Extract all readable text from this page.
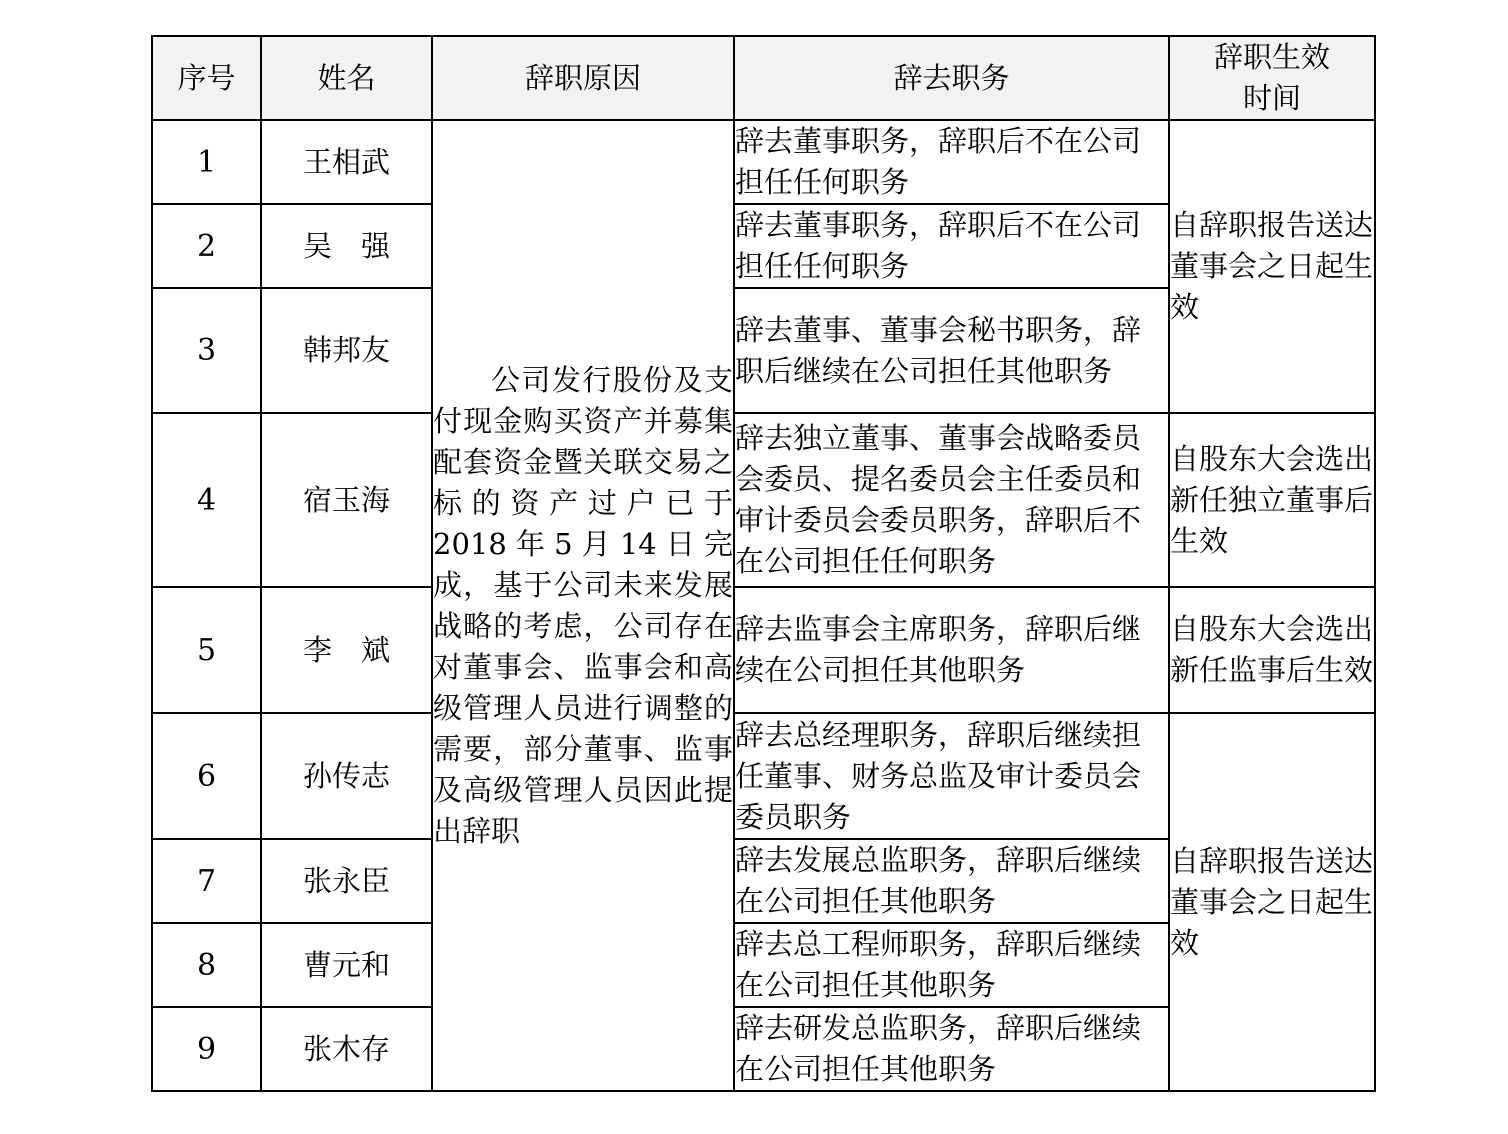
序号	姓名	辞职原因	辞去职务	辞职生效时间
1	王相武	公司发行股份及支付现金购买资产并募集配套资金暨关联交易之标的资产过户已于2018年5月14日完成，基于公司未来发展战略的考虑，公司存在对董事会、监事会和高级管理人员进行调整的需要，部分董事、监事及高级管理人员因此提出辞职	辞去董事职务，辞职后不在公司担任任何职务	自辞职报告送达董事会之日起生效
2	吴　强		辞去董事职务，辞职后不在公司担任任何职务	
3	韩邦友		辞去董事、董事会秘书职务，辞职后继续在公司担任其他职务	
4	宿玉海		辞去独立董事、董事会战略委员会委员、提名委员会主任委员和审计委员会委员职务，辞职后不在公司担任任何职务	自股东大会选出新任独立董事后生效
5	李　斌		辞去监事会主席职务，辞职后继续在公司担任其他职务	自股东大会选出新任监事后生效
6	孙传志		辞去总经理职务，辞职后继续担任董事、财务总监及审计委员会委员职务	自辞职报告送达董事会之日起生效
7	张永臣		辞去发展总监职务，辞职后继续在公司担任其他职务	
8	曹元和		辞去总工程师职务，辞职后继续在公司担任其他职务	
9	张木存		辞去研发总监职务，辞职后继续在公司担任其他职务	
